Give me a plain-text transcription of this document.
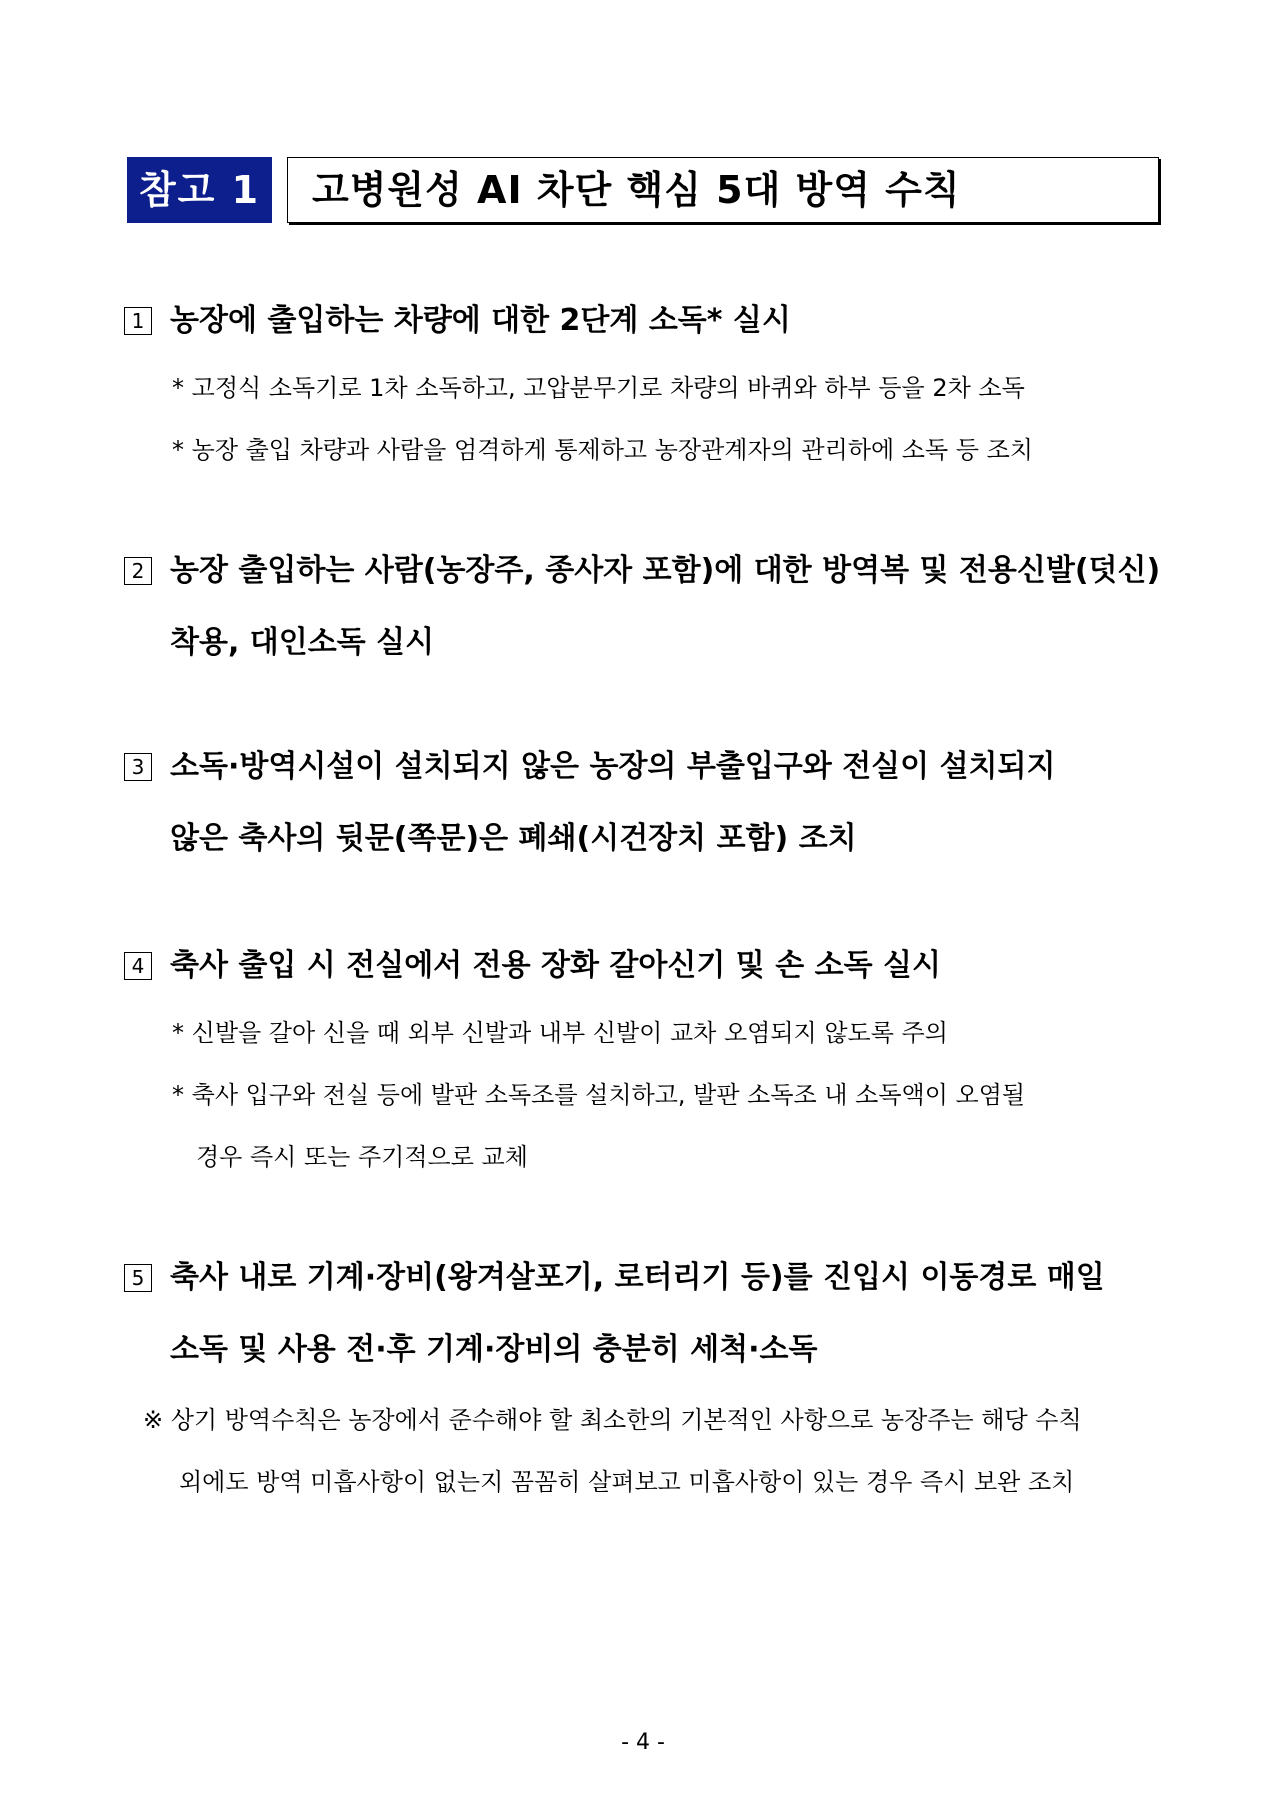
참고 1	고병원성 AI 차단 핵심 5대 방역 수칙
1 농장에 출입하는 차량에 대한 2단계 소독* 실시
* 고정식 소독기로 1차 소독하고, 고압분무기로 차량의 바퀴와 하부 등을 2차 소독
* 농장 출입 차량과 사람을 엄격하게 통제하고 농장관계자의 관리하에 소독 등 조치
2 농장 출입하는 사람(농장주, 종사자 포함)에 대한 방역복 및 전용신발(덧신)
착용, 대인소독 실시
3 소독·방역시설이 설치되지 않은 농장의 부출입구와 전실이 설치되지
않은 축사의 뒷문(쪽문)은 폐쇄(시건장치 포함) 조치
4 축사 출입 시 전실에서 전용 장화 갈아신기 및 손 소독 실시
* 신발을 갈아 신을 때 외부 신발과 내부 신발이 교차 오염되지 않도록 주의
* 축사 입구와 전실 등에 발판 소독조를 설치하고, 발판 소독조 내 소독액이 오염될
경우 즉시 또는 주기적으로 교체
5 축사 내로 기계·장비(왕겨살포기, 로터리기 등)를 진입시 이동경로 매일
소독 및 사용 전·후 기계·장비의 충분히 세척·소독
※ 상기 방역수칙은 농장에서 준수해야 할 최소한의 기본적인 사항으로 농장주는 해당 수칙
외에도 방역 미흡사항이 없는지 꼼꼼히 살펴보고 미흡사항이 있는 경우 즉시 보완 조치
- 4 -
